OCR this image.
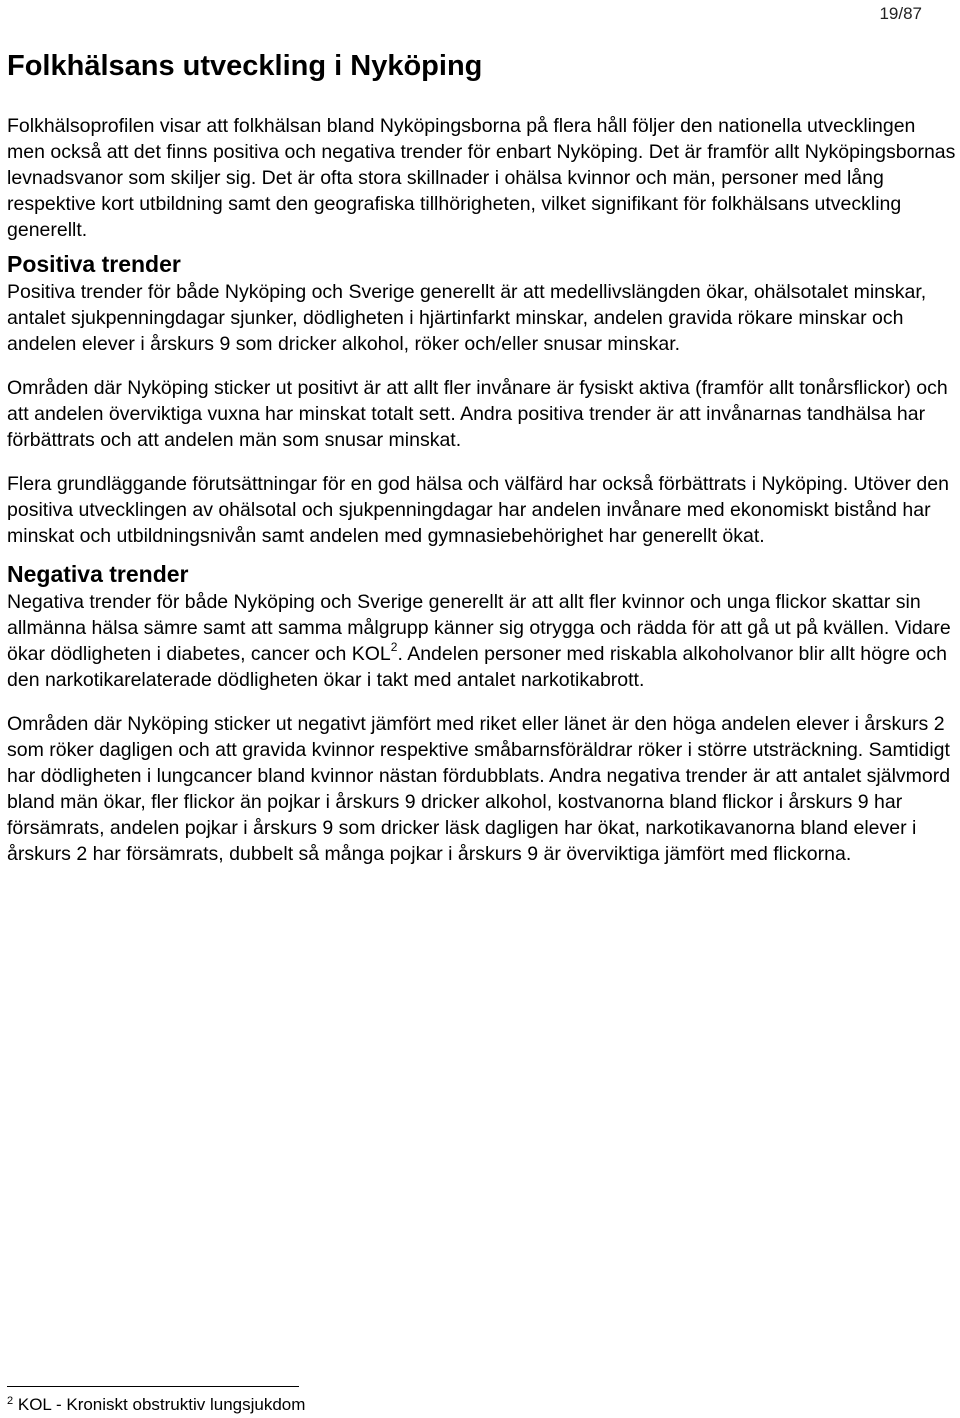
19/87
Folkhälsans utveckling i Nyköping

Folkhälsoprofilen visar att folkhälsan bland Nyköpingsborna på flera håll följer den nationella utvecklingen men också att det finns positiva och negativa trender för enbart Nyköping. Det är framför allt Nyköpingsbornas levnadsvanor som skiljer sig. Det är ofta stora skillnader i ohälsa kvinnor och män, personer med lång respektive kort utbildning samt den geografiska tillhörigheten, vilket signifikant för folkhälsans utveckling generellt.

Positiva trender

Positiva trender för både Nyköping och Sverige generellt är att medellivslängden ökar, ohälsotalet minskar, antalet sjukpenningdagar sjunker, dödligheten i hjärtinfarkt minskar, andelen gravida rökare minskar och andelen elever i årskurs 9 som dricker alkohol, röker och/eller snusar minskar.

Områden där Nyköping sticker ut positivt är att allt fler invånare är fysiskt aktiva (framför allt tonårsflickor) och att andelen överviktiga vuxna har minskat totalt sett. Andra positiva trender är att invånarnas tandhälsa har förbättrats och att andelen män som snusar minskat.

Flera grundläggande förutsättningar för en god hälsa och välfärd har också förbättrats i Nyköping. Utöver den positiva utvecklingen av ohälsotal och sjukpenningdagar har andelen invånare med ekonomiskt bistånd har minskat och utbildningsnivån samt andelen med gymnasiebehörighet har generellt ökat.

Negativa trender

Negativa trender för både Nyköping och Sverige generellt är att allt fler kvinnor och unga flickor skattar sin allmänna hälsa sämre samt att samma målgrupp känner sig otrygga och rädda för att gå ut på kvällen. Vidare ökar dödligheten i diabetes, cancer och KOL$^2$. Andelen personer med riskabla alkoholvanor blir allt högre och den narkotikarelaterade dödligheten ökar i takt med antalet narkotikabrott.

Områden där Nyköping sticker ut negativt jämfört med riket eller länet är den höga andelen elever i årskurs 2 som röker dagligen och att gravida kvinnor respektive småbarnsföräldrar röker i större utsträckning. Samtidigt har dödligheten i lungcancer bland kvinnor nästan fördubblats. Andra negativa trender är att antalet självmord bland män ökar, fler flickor än pojkar i årskurs 9 dricker alkohol, kostvanorna bland flickor i årskurs 9 har försämrats, andelen pojkar i årskurs 9 som dricker läsk dagligen har ökat, narkotikavanorna bland elever i årskurs 2 har försämrats, dubbelt så många pojkar i årskurs 9 är överviktiga jämfört med flickorna.

$^2$ KOL - Kroniskt obstruktiv lungsjukdom
